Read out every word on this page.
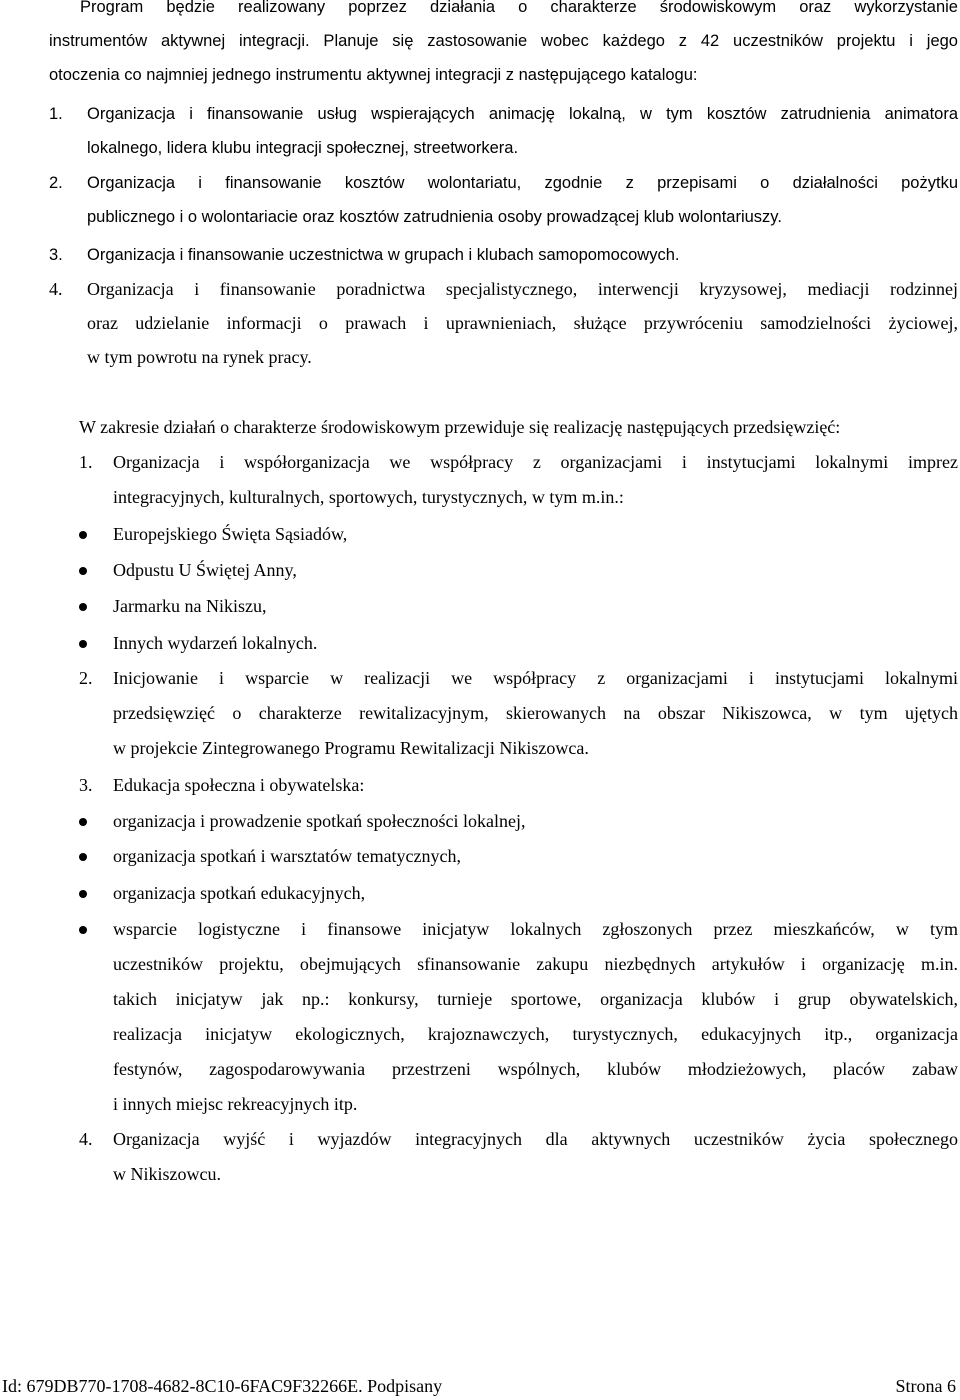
Program będzie realizowany poprzez działania o charakterze środowiskowym oraz wykorzystanie
instrumentów aktywnej integracji. Planuje się zastosowanie wobec każdego z 42 uczestników projektu i jego
otoczenia co najmniej jednego instrumentu aktywnej integracji z następującego katalogu:
1.	Organizacja i finansowanie usług wspierających animację lokalną, w tym kosztów zatrudnienia animatora
lokalnego, lidera klubu integracji społecznej, streetworkera.
2.	Organizacja i finansowanie kosztów wolontariatu, zgodnie z przepisami o działalności pożytku
publicznego i o wolontariacie oraz kosztów zatrudnienia osoby prowadzącej klub wolontariuszy.
3.	Organizacja i finansowanie uczestnictwa w grupach i klubach samopomocowych.
4.	Organizacja i finansowanie poradnictwa specjalistycznego, interwencji kryzysowej, mediacji rodzinnej
oraz udzielanie informacji o prawach i uprawnieniach, służące przywróceniu samodzielności życiowej,
w tym powrotu na rynek pracy.
W zakresie działań o charakterze środowiskowym przewiduje się realizację następujących przedsięwzięć:
1.	Organizacja i współorganizacja we współpracy z organizacjami i instytucjami lokalnymi imprez
integracyjnych, kulturalnych, sportowych, turystycznych, w tym m.in.:
Europejskiego Święta Sąsiadów,
Odpustu U Świętej Anny,
Jarmarku na Nikiszu,
Innych wydarzeń lokalnych.
2.	Inicjowanie i wsparcie w realizacji we współpracy z organizacjami i instytucjami lokalnymi
przedsięwzięć o charakterze rewitalizacyjnym, skierowanych na obszar Nikiszowca, w tym ujętych
w projekcie Zintegrowanego Programu Rewitalizacji Nikiszowca.
3.	Edukacja społeczna i obywatelska:
organizacja i prowadzenie spotkań społeczności lokalnej,
organizacja spotkań i warsztatów tematycznych,
organizacja spotkań edukacyjnych,
wsparcie logistyczne i finansowe inicjatyw lokalnych zgłoszonych przez mieszkańców, w tym
uczestników projektu, obejmujących sfinansowanie zakupu niezbędnych artykułów i organizację m.in.
takich inicjatyw jak np.: konkursy, turnieje sportowe, organizacja klubów i grup obywatelskich,
realizacja inicjatyw ekologicznych, krajoznawczych, turystycznych, edukacyjnych itp., organizacja
festynów, zagospodarowywania przestrzeni wspólnych, klubów młodzieżowych, placów zabaw
i innych miejsc rekreacyjnych itp.
4.	Organizacja wyjść i wyjazdów integracyjnych dla aktywnych uczestników życia społecznego
w Nikiszowcu.
Id: 679DB770-1708-4682-8C10-6FAC9F32266E. Podpisany	Strona 6
